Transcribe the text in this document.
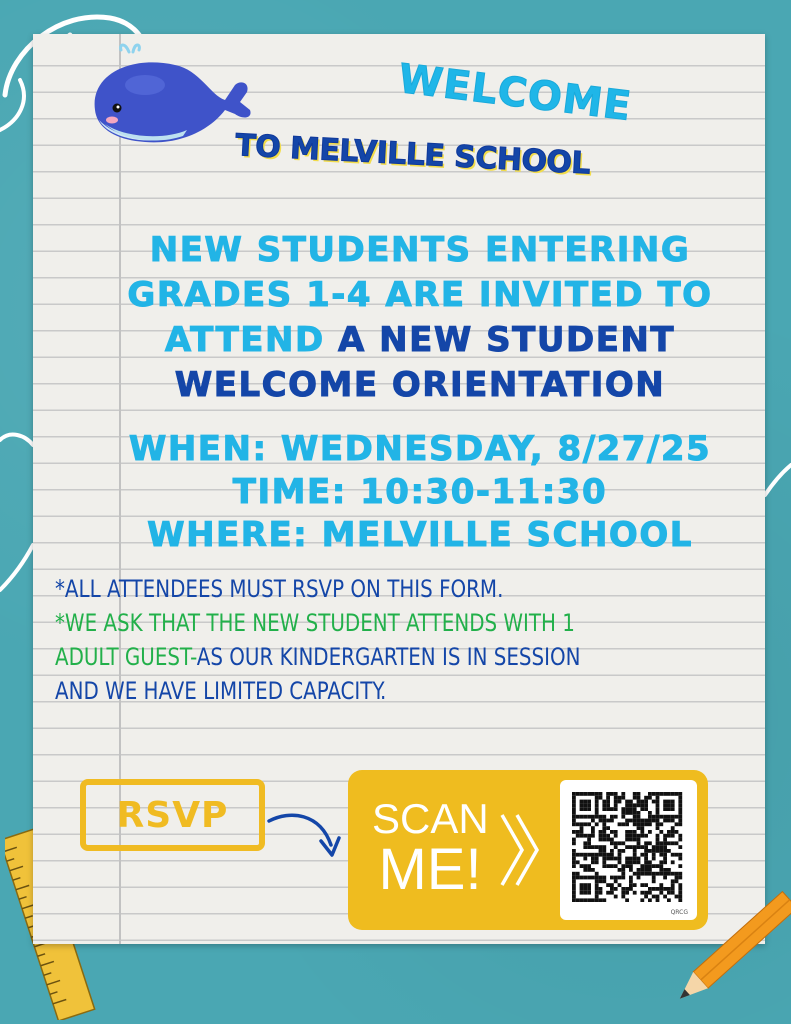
WELCOME
TO MELVILLE SCHOOL
NEW STUDENTS ENTERING
GRADES 1-4 ARE INVITED TO
ATTEND A NEW STUDENT
WELCOME ORIENTATION
WHEN: WEDNESDAY, 8/27/25
TIME: 10:30-11:30
WHERE: MELVILLE SCHOOL
*ALL ATTENDEES MUST RSVP ON THIS FORM.
*WE ASK THAT THE NEW STUDENT ATTENDS WITH 1
ADULT GUEST-AS OUR KINDERGARTEN IS IN SESSION
AND WE HAVE LIMITED CAPACITY.
RSVP	SCAN
ME!
QRCG
